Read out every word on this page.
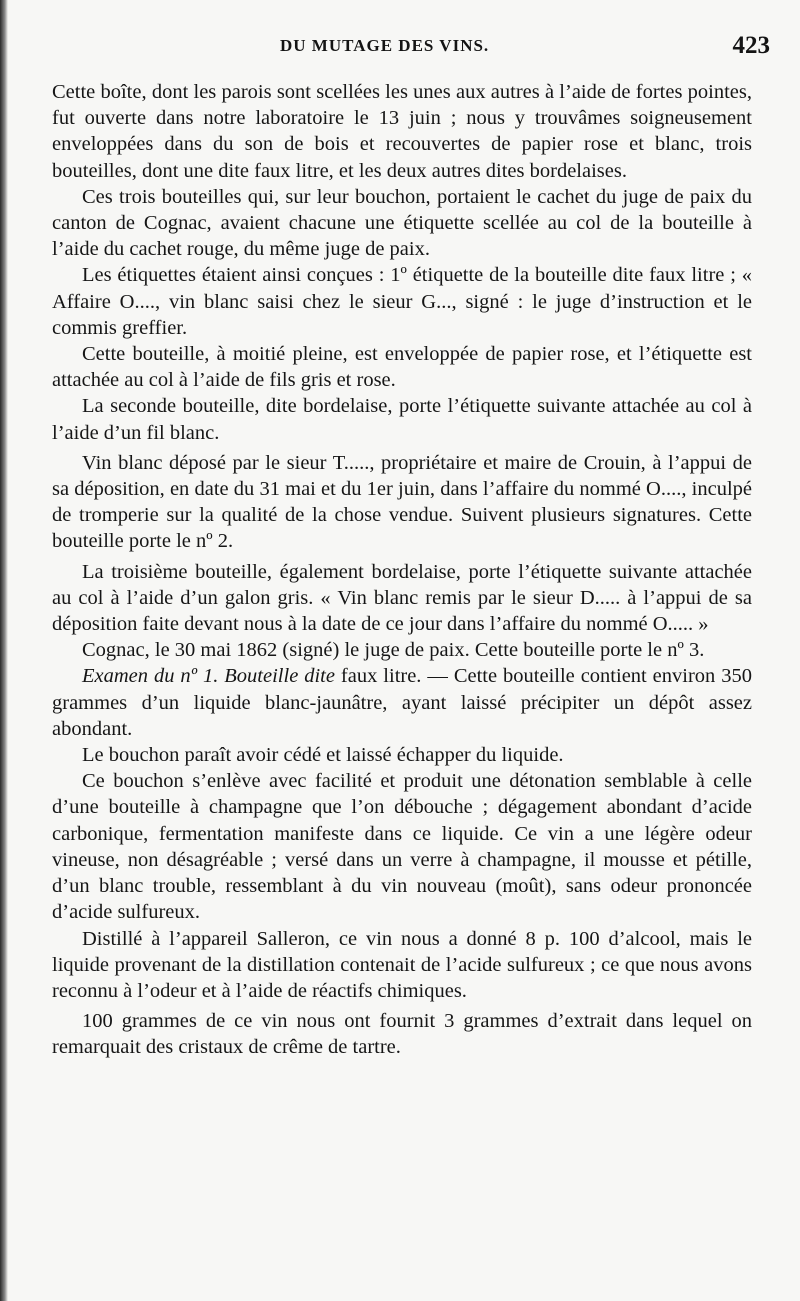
DU MUTAGE DES VINS.	423

Cette boîte, dont les parois sont scellées les unes aux autres à l’aide de fortes pointes, fut ouverte dans notre laboratoire le 13 juin ; nous y trouvâmes soigneusement enveloppées dans du son de bois et recouvertes de papier rose et blanc, trois bouteilles, dont une dite faux litre, et les deux autres dites bordelaises.

Ces trois bouteilles qui, sur leur bouchon, portaient le cachet du juge de paix du canton de Cognac, avaient chacune une étiquette scellée au col de la bouteille à l’aide du cachet rouge, du même juge de paix.

Les étiquettes étaient ainsi conçues : 1º étiquette de la bouteille dite faux litre ; « Affaire O...., vin blanc saisi chez le sieur G..., signé : le juge d’instruction et le commis greffier.

Cette bouteille, à moitié pleine, est enveloppée de papier rose, et l’étiquette est attachée au col à l’aide de fils gris et rose.

La seconde bouteille, dite bordelaise, porte l’étiquette suivante attachée au col à l’aide d’un fil blanc.

Vin blanc déposé par le sieur T....., propriétaire et maire de Crouin, à l’appui de sa déposition, en date du 31 mai et du 1er juin, dans l’affaire du nommé O...., inculpé de tromperie sur la qualité de la chose vendue. Suivent plusieurs signatures. Cette bouteille porte le nº 2.

La troisième bouteille, également bordelaise, porte l’étiquette suivante attachée au col à l’aide d’un galon gris. « Vin blanc remis par le sieur D..... à l’appui de sa déposition faite devant nous à la date de ce jour dans l’affaire du nommé O..... »

Cognac, le 30 mai 1862 (signé) le juge de paix. Cette bouteille porte le nº 3.

Examen du nº 1. Bouteille dite faux litre. — Cette bouteille contient environ 350 grammes d’un liquide blanc-jaunâtre, ayant laissé précipiter un dépôt assez abondant.

Le bouchon paraît avoir cédé et laissé échapper du liquide.

Ce bouchon s’enlève avec facilité et produit une détonation semblable à celle d’une bouteille à champagne que l’on débouche ; dégagement abondant d’acide carbonique, fermentation manifeste dans ce liquide. Ce vin a une légère odeur vineuse, non désagréable ; versé dans un verre à champagne, il mousse et pétille, d’un blanc trouble, ressemblant à du vin nouveau (moût), sans odeur prononcée d’acide sulfureux.

Distillé à l’appareil Salleron, ce vin nous a donné 8 p. 100 d’alcool, mais le liquide provenant de la distillation contenait de l’acide sulfureux ; ce que nous avons reconnu à l’odeur et à l’aide de réactifs chimiques.

100 grammes de ce vin nous ont fournit 3 grammes d’extrait dans lequel on remarquait des cristaux de crême de tartre.
